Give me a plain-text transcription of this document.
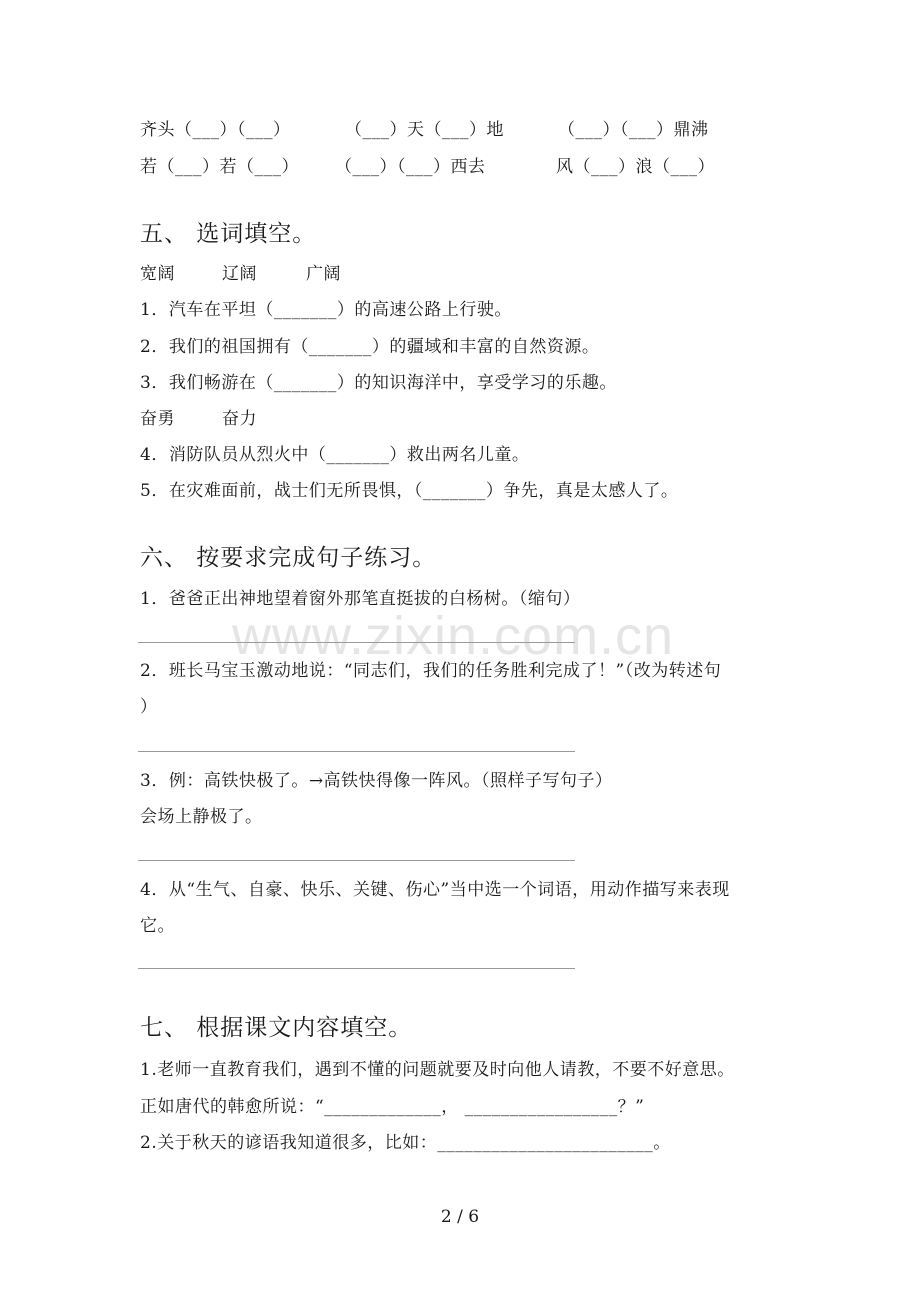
齐头（___）（___）	（___）天（___）地	（___）（___）鼎沸
若（___）若（___） （___）（___）西去	风（___）浪（___）
五、 选词填空。
宽阔	辽阔	广阔
1．汽车在平坦（_______）的高速公路上行驶。
2．我们的祖国拥有（_______）的疆域和丰富的自然资源。
3．我们畅游在（_______）的知识海洋中，享受学习的乐趣。
奋勇	奋力
4．消防队员从烈火中（_______）救出两名儿童。
5．在灾难面前，战士们无所畏惧，（_______）争先，真是太感人了。
六、 按要求完成句子练习。
1．爸爸正出神地望着窗外那笔直挺拔的白杨树。（缩句）
2．班长马宝玉激动地说：“同志们，我们的任务胜利完成了！”（改为转述句
）
3．例：高铁快极了。→高铁快得像一阵风。（照样子写句子）
会场上静极了。
4．从“生气、自豪、快乐、关键、伤心”当中选一个词语，用动作描写来表现
它。
七、 根据课文内容填空。
1.老师一直教育我们，遇到不懂的问题就要及时向他人请教，不要不好意思。
正如唐代的韩愈所说：“_____________， _________________？”
2.关于秋天的谚语我知道很多，比如：________________________。
www.zixin.com.cn
2 / 6
